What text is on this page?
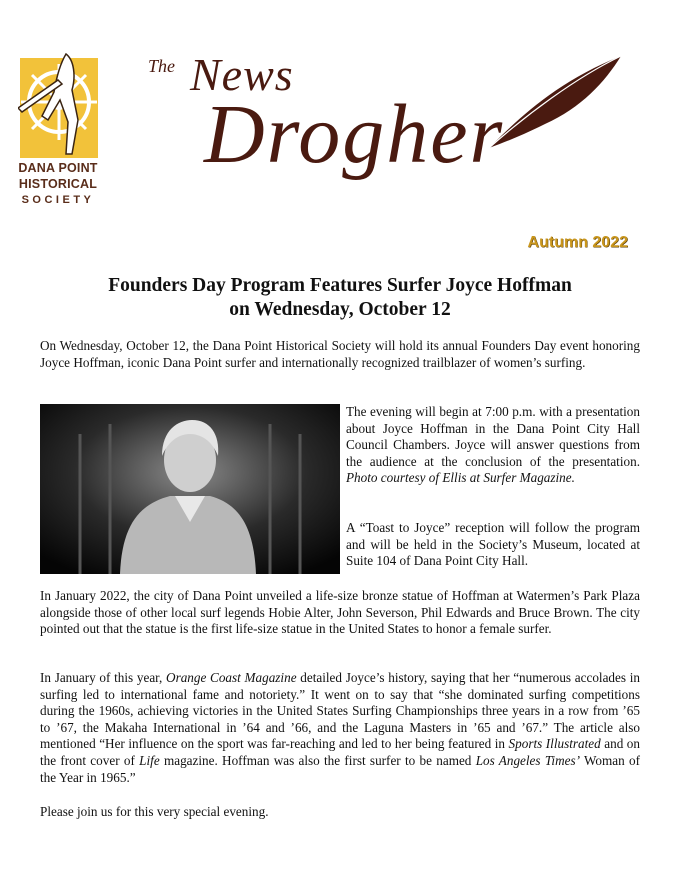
DANA POINT
HISTORICAL
SOCIETY
The News
Drogher
Autumn 2022
Founders Day Program Features Surfer Joyce Hoffman
on Wednesday, October 12

On Wednesday, October 12, the Dana Point Historical Society will hold its annual Founders Day event honoring Joyce Hoffman, iconic Dana Point surfer and internationally recognized trailblazer of women’s surfing.

The evening will begin at 7:00 p.m. with a presentation about Joyce Hoffman in the Dana Point City Hall Council Chambers. Joyce will answer questions from the audience at the conclusion of the presentation. Photo courtesy of Ellis at Surfer Magazine.

A “Toast to Joyce” reception will follow the program and will be held in the Society’s Museum, located at Suite 104 of Dana Point City Hall.

In January 2022, the city of Dana Point unveiled a life-size bronze statue of Hoffman at Watermen’s Park Plaza alongside those of other local surf legends Hobie Alter, John Severson, Phil Edwards and Bruce Brown. The city pointed out that the statue is the first life-size statue in the United States to honor a female surfer.

In January of this year, Orange Coast Magazine detailed Joyce’s history, saying that her “numerous accolades in surfing led to international fame and notoriety.” It went on to say that “she dominated surfing competitions during the 1960s, achieving victories in the United States Surfing Championships three years in a row from ’65 to ’67, the Makaha International in ’64 and ’66, and the Laguna Masters in ’65 and ’67.” The article also mentioned “Her influence on the sport was far-reaching and led to her being featured in Sports Illustrated and on the front cover of Life magazine. Hoffman was also the first surfer to be named Los Angeles Times’ Woman of the Year in 1965.”

Please join us for this very special evening.
